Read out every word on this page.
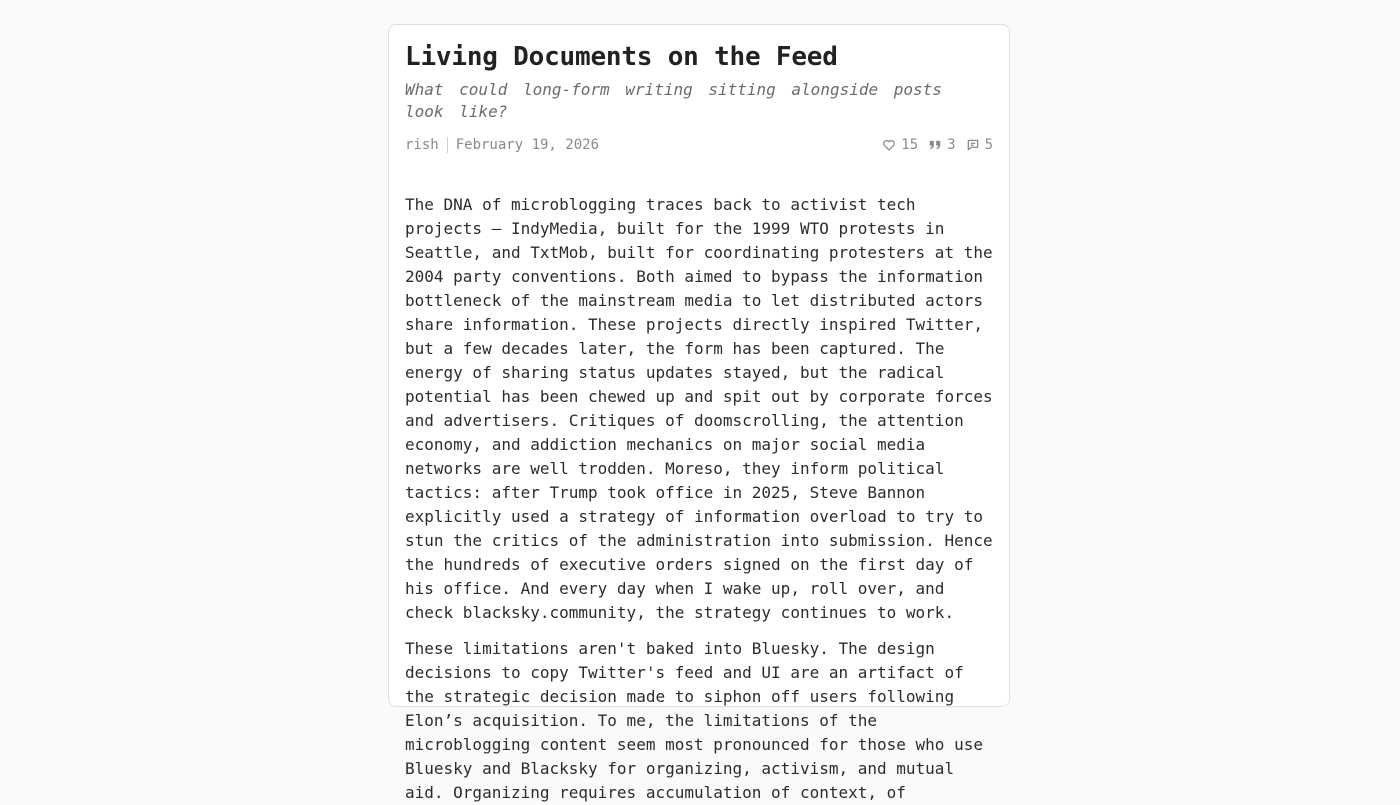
Living Documents on the Feed
What could long-form writing sitting alongside posts look like?
rish February 19, 2026	15 3 5

The DNA of microblogging traces back to activist tech projects — IndyMedia, built for the 1999 WTO protests in Seattle, and TxtMob, built for coordinating protesters at the 2004 party conventions. Both aimed to bypass the information bottleneck of the mainstream media to let distributed actors share information. These projects directly inspired Twitter, but a few decades later, the form has been captured. The energy of sharing status updates stayed, but the radical potential has been chewed up and spit out by corporate forces and advertisers. Critiques of doomscrolling, the attention economy, and addiction mechanics on major social media networks are well trodden. Moreso, they inform political tactics: after Trump took office in 2025, Steve Bannon explicitly used a strategy of information overload to try to stun the critics of the administration into submission. Hence the hundreds of executive orders signed on the first day of his office. And every day when I wake up, roll over, and check blacksky.community, the strategy continues to work.

These limitations aren't baked into Bluesky. The design decisions to copy Twitter's feed and UI are an artifact of the strategic decision made to siphon off users following Elon’s acquisition. To me, the limitations of the microblogging content seem most pronounced for those who use Bluesky and Blacksky for organizing, activism, and mutual aid. Organizing requires accumulation of context, of
